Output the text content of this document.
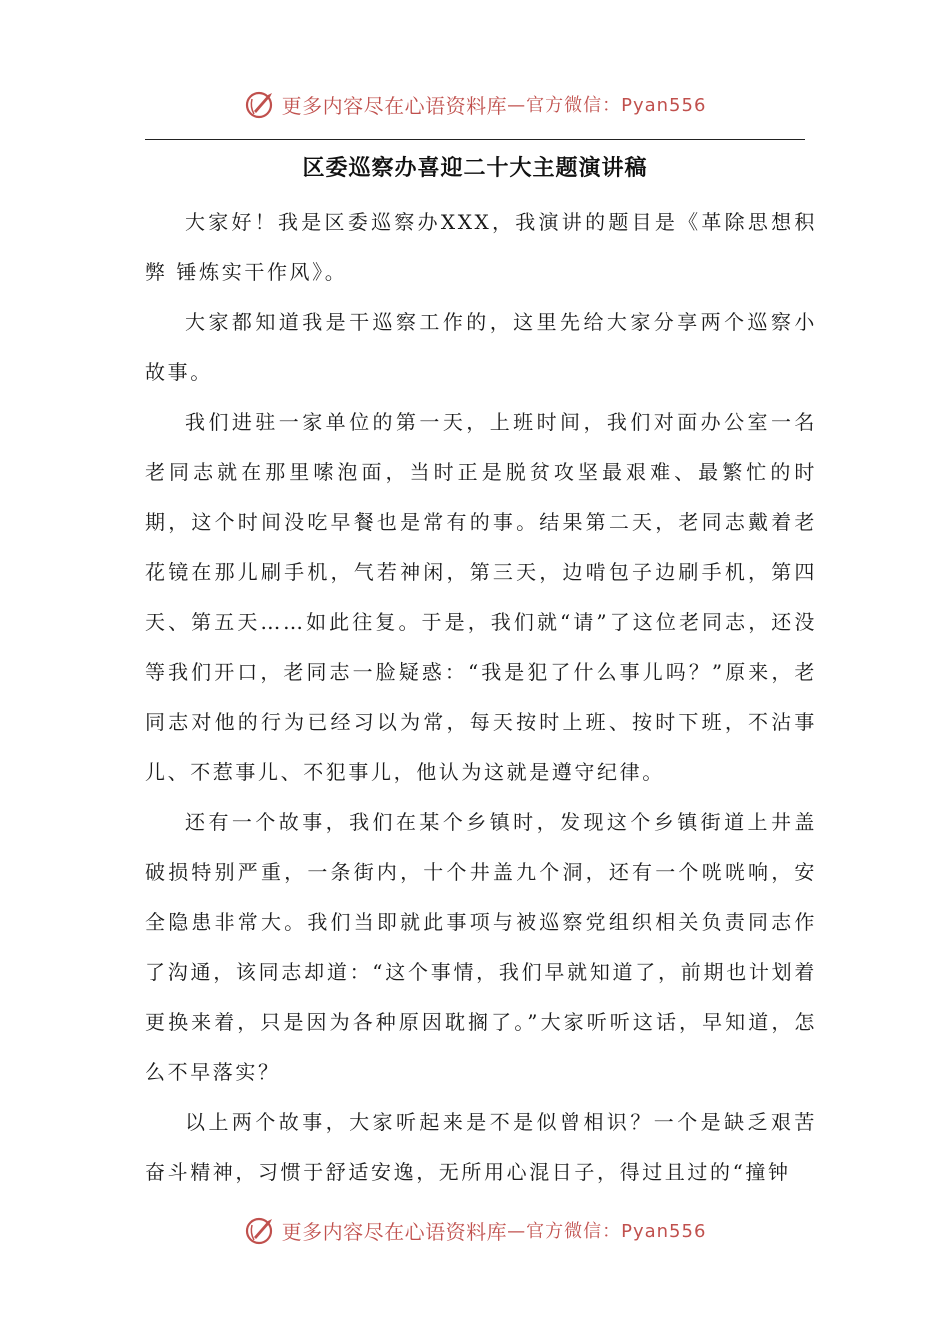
更多内容尽在心语资料库 —官方微信：Pyan556
区委巡察办喜迎二十大主题演讲稿

大家好！我是区委巡察办XXX，我演讲的题目是《革除思想积弊 锤炼实干作风》。

大家都知道我是干巡察工作的，这里先给大家分享两个巡察小故事。

我们进驻一家单位的第一天，上班时间，我们对面办公室一名老同志就在那里嗦泡面，当时正是脱贫攻坚最艰难、最繁忙的时期，这个时间没吃早餐也是常有的事。结果第二天，老同志戴着老花镜在那儿刷手机，气若神闲，第三天，边啃包子边刷手机，第四天、第五天……如此往复。于是，我们就“请”了这位老同志，还没等我们开口，老同志一脸疑惑：“我是犯了什么事儿吗？”原来，老同志对他的行为已经习以为常，每天按时上班、按时下班，不沾事儿、不惹事儿、不犯事儿，他认为这就是遵守纪律。

还有一个故事，我们在某个乡镇时，发现这个乡镇街道上井盖破损特别严重，一条街内，十个井盖九个洞，还有一个咣咣响，安全隐患非常大。我们当即就此事项与被巡察党组织相关负责同志作了沟通，该同志却道：“这个事情，我们早就知道了，前期也计划着更换来着，只是因为各种原因耽搁了。”大家听听这话，早知道，怎么不早落实？

以上两个故事，大家听起来是不是似曾相识？一个是缺乏艰苦奋斗精神，习惯于舒适安逸，无所用心混日子，得过且过的“撞钟

更多内容尽在心语资料库 —官方微信：Pyan556
